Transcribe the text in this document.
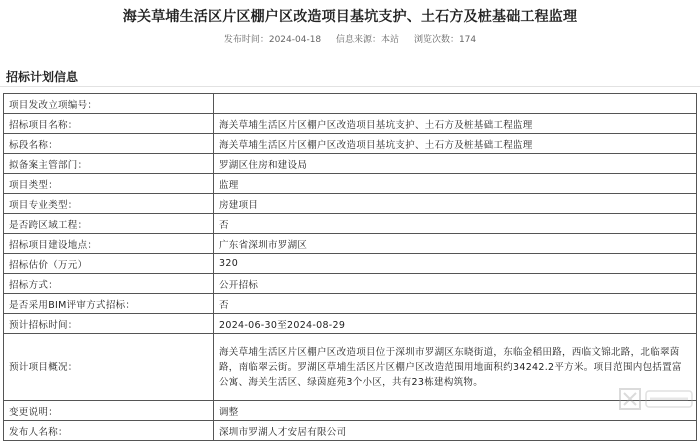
海关草埔生活区片区棚户区改造项目基坑支护、土石方及桩基础工程监理
发布时间：2024-04-18 信息来源：本站 浏览次数：174
招标计划信息
项目发改立项编号：	
招标项目名称：	海关草埔生活区片区棚户区改造项目基坑支护、土石方及桩基础工程监理
标段名称：	海关草埔生活区片区棚户区改造项目基坑支护、土石方及桩基础工程监理
拟备案主管部门：	罗湖区住房和建设局
项目类型：	监理
项目专业类型：	房建项目
是否跨区域工程：	否
招标项目建设地点：	广东省深圳市罗湖区
招标估价（万元）	320
招标方式：	公开招标
是否采用BIM评审方式招标：	否
预计招标时间：	2024-06-30至2024-08-29
预计项目概况：	海关草埔生活区片区棚户区改造项目位于深圳市罗湖区东晓街道，东临金稻田路，西临文锦北路，北临翠茵路，南临翠云街。罗湖区草埔生活区片区棚户区改造范围用地面积约34242.2平方米。项目范围内包括置富公寓、海关生活区、绿茵庭苑3个小区，共有23栋建构筑物。
变更说明：	调整
发布人名称：	深圳市罗湖人才安居有限公司
